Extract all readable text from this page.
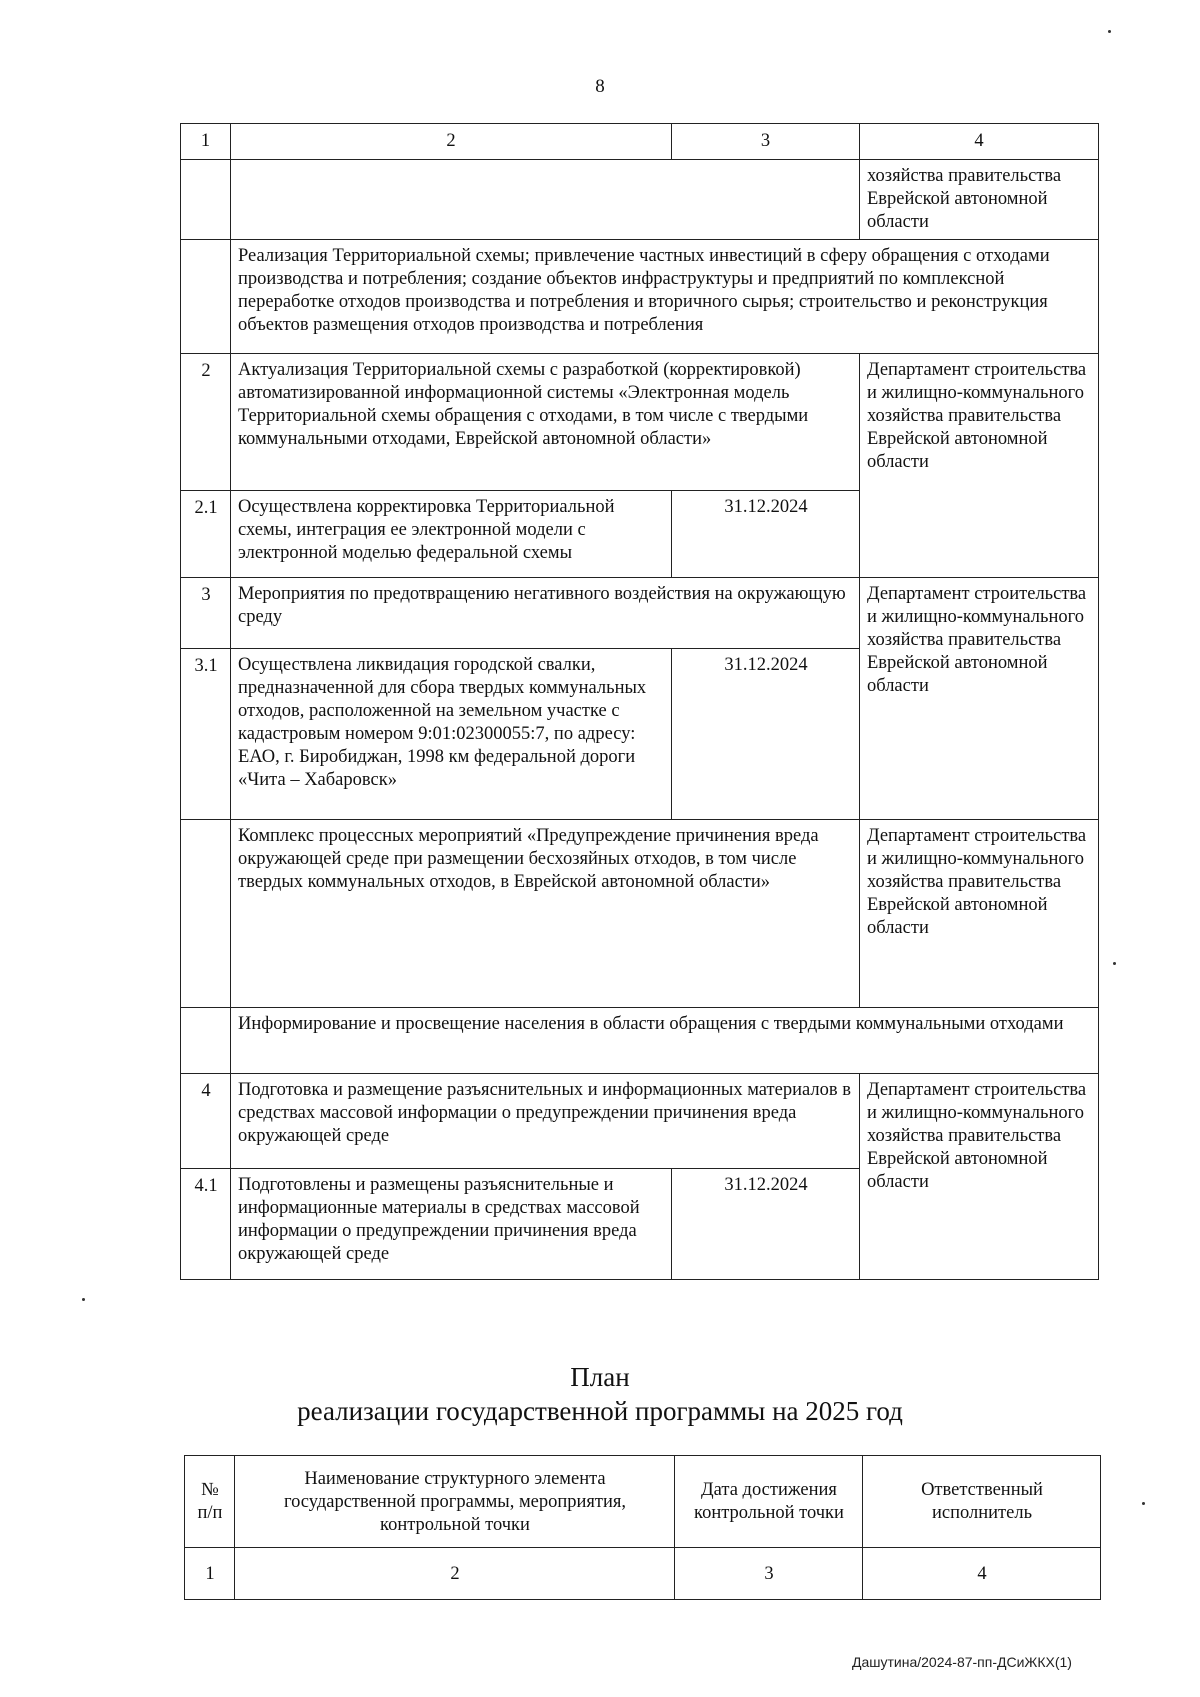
8
1	2	3	4
			хозяйства правительства Еврейской автономной области
	Реализация Территориальной схемы; привлечение частных инвестиций в сферу обращения с отходами производства и потребления; создание объектов инфраструктуры и предприятий по комплексной переработке отходов производства и потребления и вторичного сырья; строительство и реконструкция объектов размещения отходов производства и потребления		
2	Актуализация Территориальной схемы с разработкой (корректировкой) автоматизированной информационной системы «Электронная модель Территориальной схемы обращения с отходами, в том числе с твердыми коммунальными отходами, Еврейской автономной области»		Департамент строительства и жилищно-коммунального хозяйства правительства Еврейской автономной области
2.1	Осуществлена корректировка Территориальной схемы, интеграция ее электронной модели с электронной моделью федеральной схемы	31.12.2024	
3	Мероприятия по предотвращению негативного воздействия на окружающую среду		Департамент строительства и жилищно-коммунального хозяйства правительства Еврейской автономной области
3.1	Осуществлена ликвидация городской свалки, предназначенной для сбора твердых коммунальных отходов, расположенной на земельном участке с кадастровым номером 9:01:02300055:7, по адресу: ЕАО, г. Биробиджан, 1998 км федеральной дороги «Чита – Хабаровск»	31.12.2024	
	Комплекс процессных мероприятий «Предупреждение причинения вреда окружающей среде при размещении бесхозяйных отходов, в том числе твердых коммунальных отходов, в Еврейской автономной области»		Департамент строительства и жилищно-коммунального хозяйства правительства Еврейской автономной области
	Информирование и просвещение населения в области обращения с твердыми коммунальными отходами		
4	Подготовка и размещение разъяснительных и информационных материалов в средствах массовой информации о предупреждении причинения вреда окружающей среде		Департамент строительства и жилищно-коммунального хозяйства правительства Еврейской автономной области
4.1	Подготовлены и размещены разъяснительные и информационные материалы в средствах массовой информации о предупреждении причинения вреда окружающей среде	31.12.2024	
План
реализации государственной программы на 2025 год
№ п/п	Наименование структурного элемента государственной программы, мероприятия, контрольной точки	Дата достижения контрольной точки	Ответственный исполнитель
1	2	3	4
Дашутина/2024-87-пп-ДСиЖКХ(1)
